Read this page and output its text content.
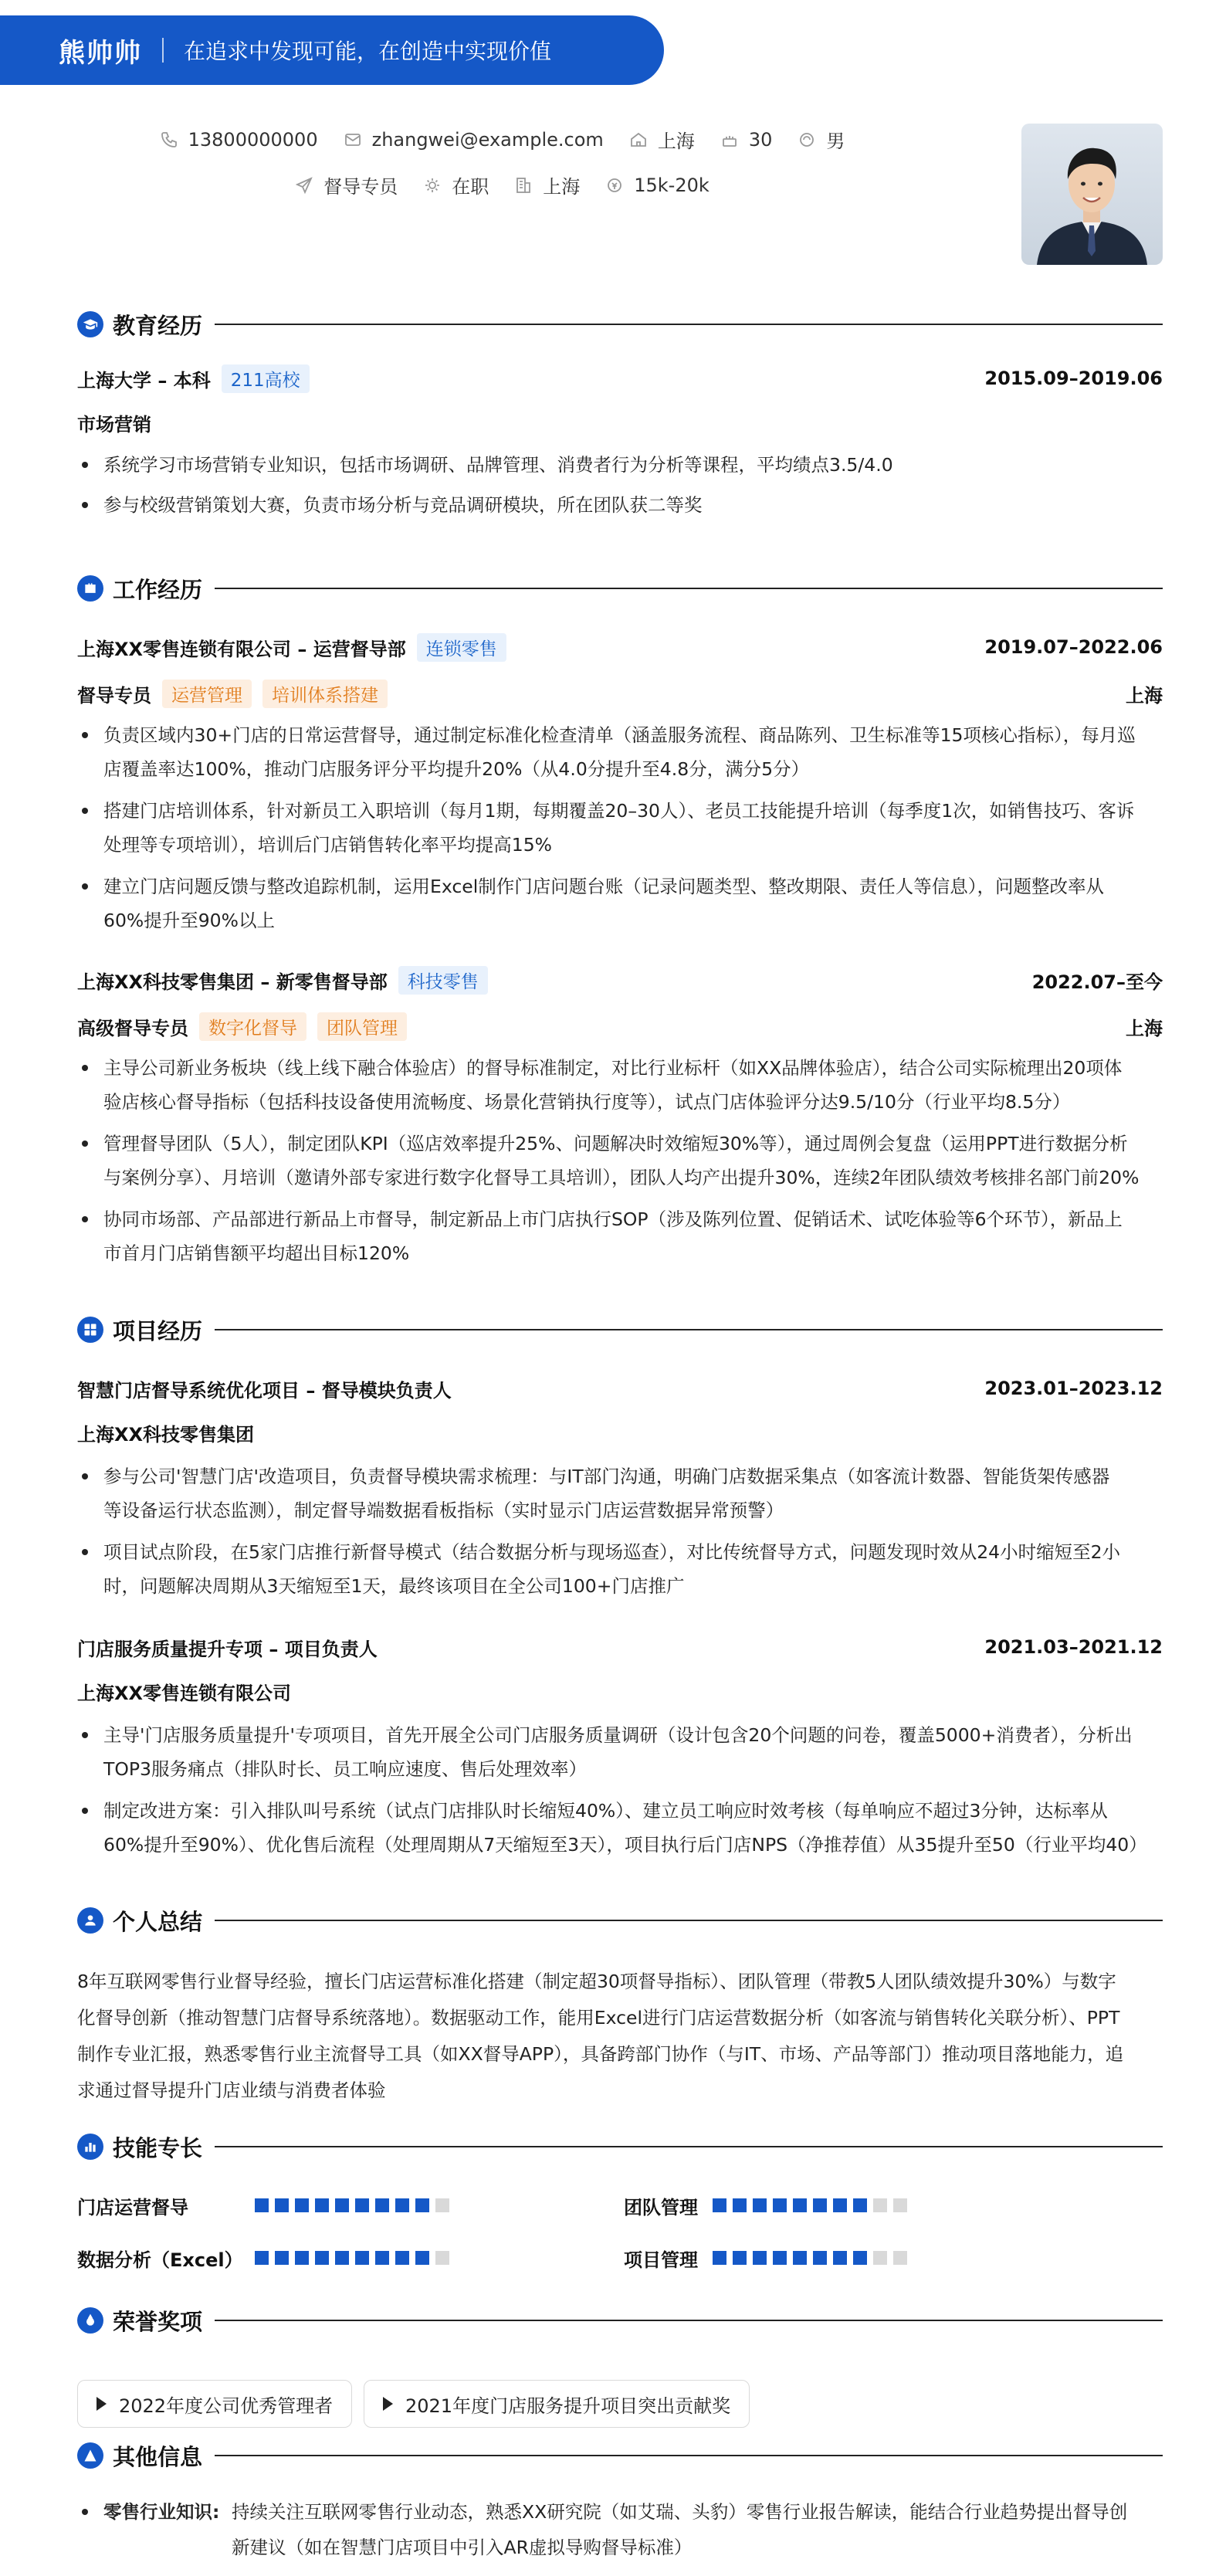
熊帅帅 在追求中发现可能，在创造中实现价值
13800000000	zhangwei@example.com	上海	30	男
督导专员	在职	上海	15k-20k
教育经历
上海大学 – 本科	211高校	2015.09–2019.06
市场营销
系统学习市场营销专业知识，包括市场调研、品牌管理、消费者行为分析等课程，平均绩点3.5/4.0
参与校级营销策划大赛，负责市场分析与竞品调研模块，所在团队获二等奖
工作经历
上海XX零售连锁有限公司 – 运营督导部	连锁零售	2019.07–2022.06
督导专员	运营管理	培训体系搭建	上海
负责区域内30+门店的日常运营督导，通过制定标准化检查清单（涵盖服务流程、商品陈列、卫生标准等15项核心指标），每月巡
店覆盖率达100%，推动门店服务评分平均提升20%（从4.0分提升至4.8分，满分5分）
搭建门店培训体系，针对新员工入职培训（每月1期，每期覆盖20–30人）、老员工技能提升培训（每季度1次，如销售技巧、客诉
处理等专项培训），培训后门店销售转化率平均提高15%
建立门店问题反馈与整改追踪机制，运用Excel制作门店问题台账（记录问题类型、整改期限、责任人等信息），问题整改率从
60%提升至90%以上
上海XX科技零售集团 – 新零售督导部	科技零售	2022.07–至今
高级督导专员	数字化督导	团队管理	上海
主导公司新业务板块（线上线下融合体验店）的督导标准制定，对比行业标杆（如XX品牌体验店），结合公司实际梳理出20项体
验店核心督导指标（包括科技设备使用流畅度、场景化营销执行度等），试点门店体验评分达9.5/10分（行业平均8.5分）
管理督导团队（5人），制定团队KPI（巡店效率提升25%、问题解决时效缩短30%等），通过周例会复盘（运用PPT进行数据分析
与案例分享）、月培训（邀请外部专家进行数字化督导工具培训），团队人均产出提升30%，连续2年团队绩效考核排名部门前20%
协同市场部、产品部进行新品上市督导，制定新品上市门店执行SOP（涉及陈列位置、促销话术、试吃体验等6个环节），新品上
市首月门店销售额平均超出目标120%
项目经历
智慧门店督导系统优化项目 – 督导模块负责人	2023.01–2023.12
上海XX科技零售集团
参与公司'智慧门店'改造项目，负责督导模块需求梳理：与IT部门沟通，明确门店数据采集点（如客流计数器、智能货架传感器
等设备运行状态监测），制定督导端数据看板指标（实时显示门店运营数据异常预警）
项目试点阶段，在5家门店推行新督导模式（结合数据分析与现场巡查），对比传统督导方式，问题发现时效从24小时缩短至2小
时，问题解决周期从3天缩短至1天，最终该项目在全公司100+门店推广
门店服务质量提升专项 – 项目负责人	2021.03–2021.12
上海XX零售连锁有限公司
主导'门店服务质量提升'专项项目，首先开展全公司门店服务质量调研（设计包含20个问题的问卷，覆盖5000+消费者），分析出
TOP3服务痛点（排队时长、员工响应速度、售后处理效率）
制定改进方案：引入排队叫号系统（试点门店排队时长缩短40%）、建立员工响应时效考核（每单响应不超过3分钟，达标率从
60%提升至90%）、优化售后流程（处理周期从7天缩短至3天），项目执行后门店NPS（净推荐值）从35提升至50（行业平均40）
个人总结
8年互联网零售行业督导经验，擅长门店运营标准化搭建（制定超30项督导指标）、团队管理（带教5人团队绩效提升30%）与数字
化督导创新（推动智慧门店督导系统落地）。数据驱动工作，能用Excel进行门店运营数据分析（如客流与销售转化关联分析）、PPT
制作专业汇报，熟悉零售行业主流督导工具（如XX督导APP），具备跨部门协作（与IT、市场、产品等部门）推动项目落地能力，追
求通过督导提升门店业绩与消费者体验
技能专长
门店运营督导	团队管理
数据分析（Excel）	项目管理
荣誉奖项
2022年度公司优秀管理者	2021年度门店服务提升项目突出贡献奖
其他信息
零售行业知识: 持续关注互联网零售行业动态，熟悉XX研究院（如艾瑞、头豹）零售行业报告解读，能结合行业趋势提出督导创
新建议（如在智慧门店项目中引入AR虚拟导购督导标准）
